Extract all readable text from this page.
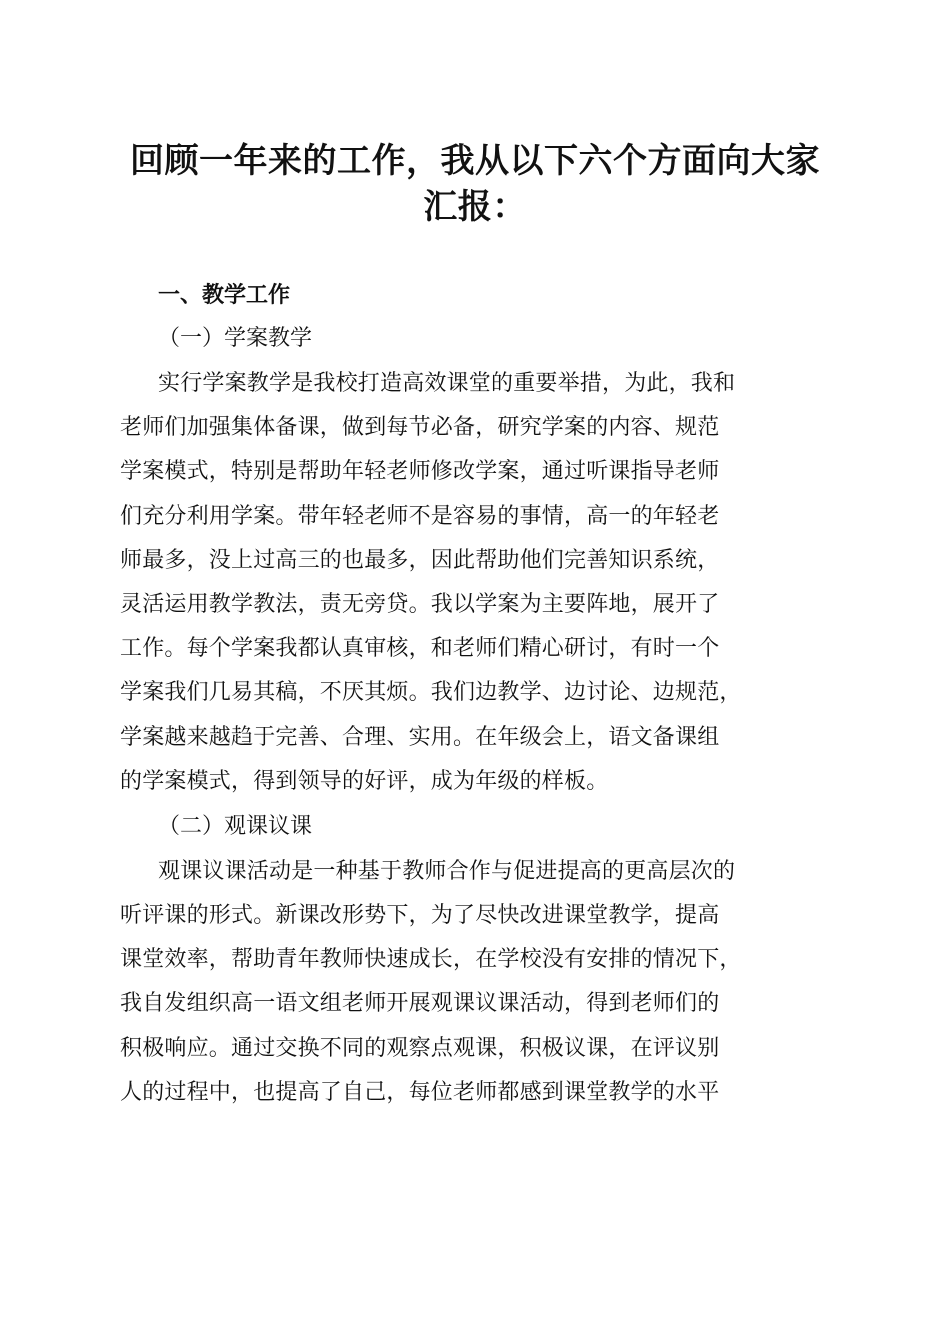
回顾一年来的工作，我从以下六个方面向大家
汇报：
一、教学工作
（一）学案教学
实行学案教学是我校打造高效课堂的重要举措，为此，我和
老师们加强集体备课，做到每节必备，研究学案的内容、规范
学案模式，特别是帮助年轻老师修改学案，通过听课指导老师
们充分利用学案。带年轻老师不是容易的事情，高一的年轻老
师最多，没上过高三的也最多，因此帮助他们完善知识系统，
灵活运用教学教法，责无旁贷。我以学案为主要阵地，展开了
工作。每个学案我都认真审核，和老师们精心研讨，有时一个
学案我们几易其稿，不厌其烦。我们边教学、边讨论、边规范，
学案越来越趋于完善、合理、实用。在年级会上，语文备课组
的学案模式，得到领导的好评，成为年级的样板。
（二）观课议课
观课议课活动是一种基于教师合作与促进提高的更高层次的
听评课的形式。新课改形势下，为了尽快改进课堂教学，提高
课堂效率，帮助青年教师快速成长，在学校没有安排的情况下，
我自发组织高一语文组老师开展观课议课活动，得到老师们的
积极响应。通过交换不同的观察点观课，积极议课，在评议别
人的过程中，也提高了自己，每位老师都感到课堂教学的水平
